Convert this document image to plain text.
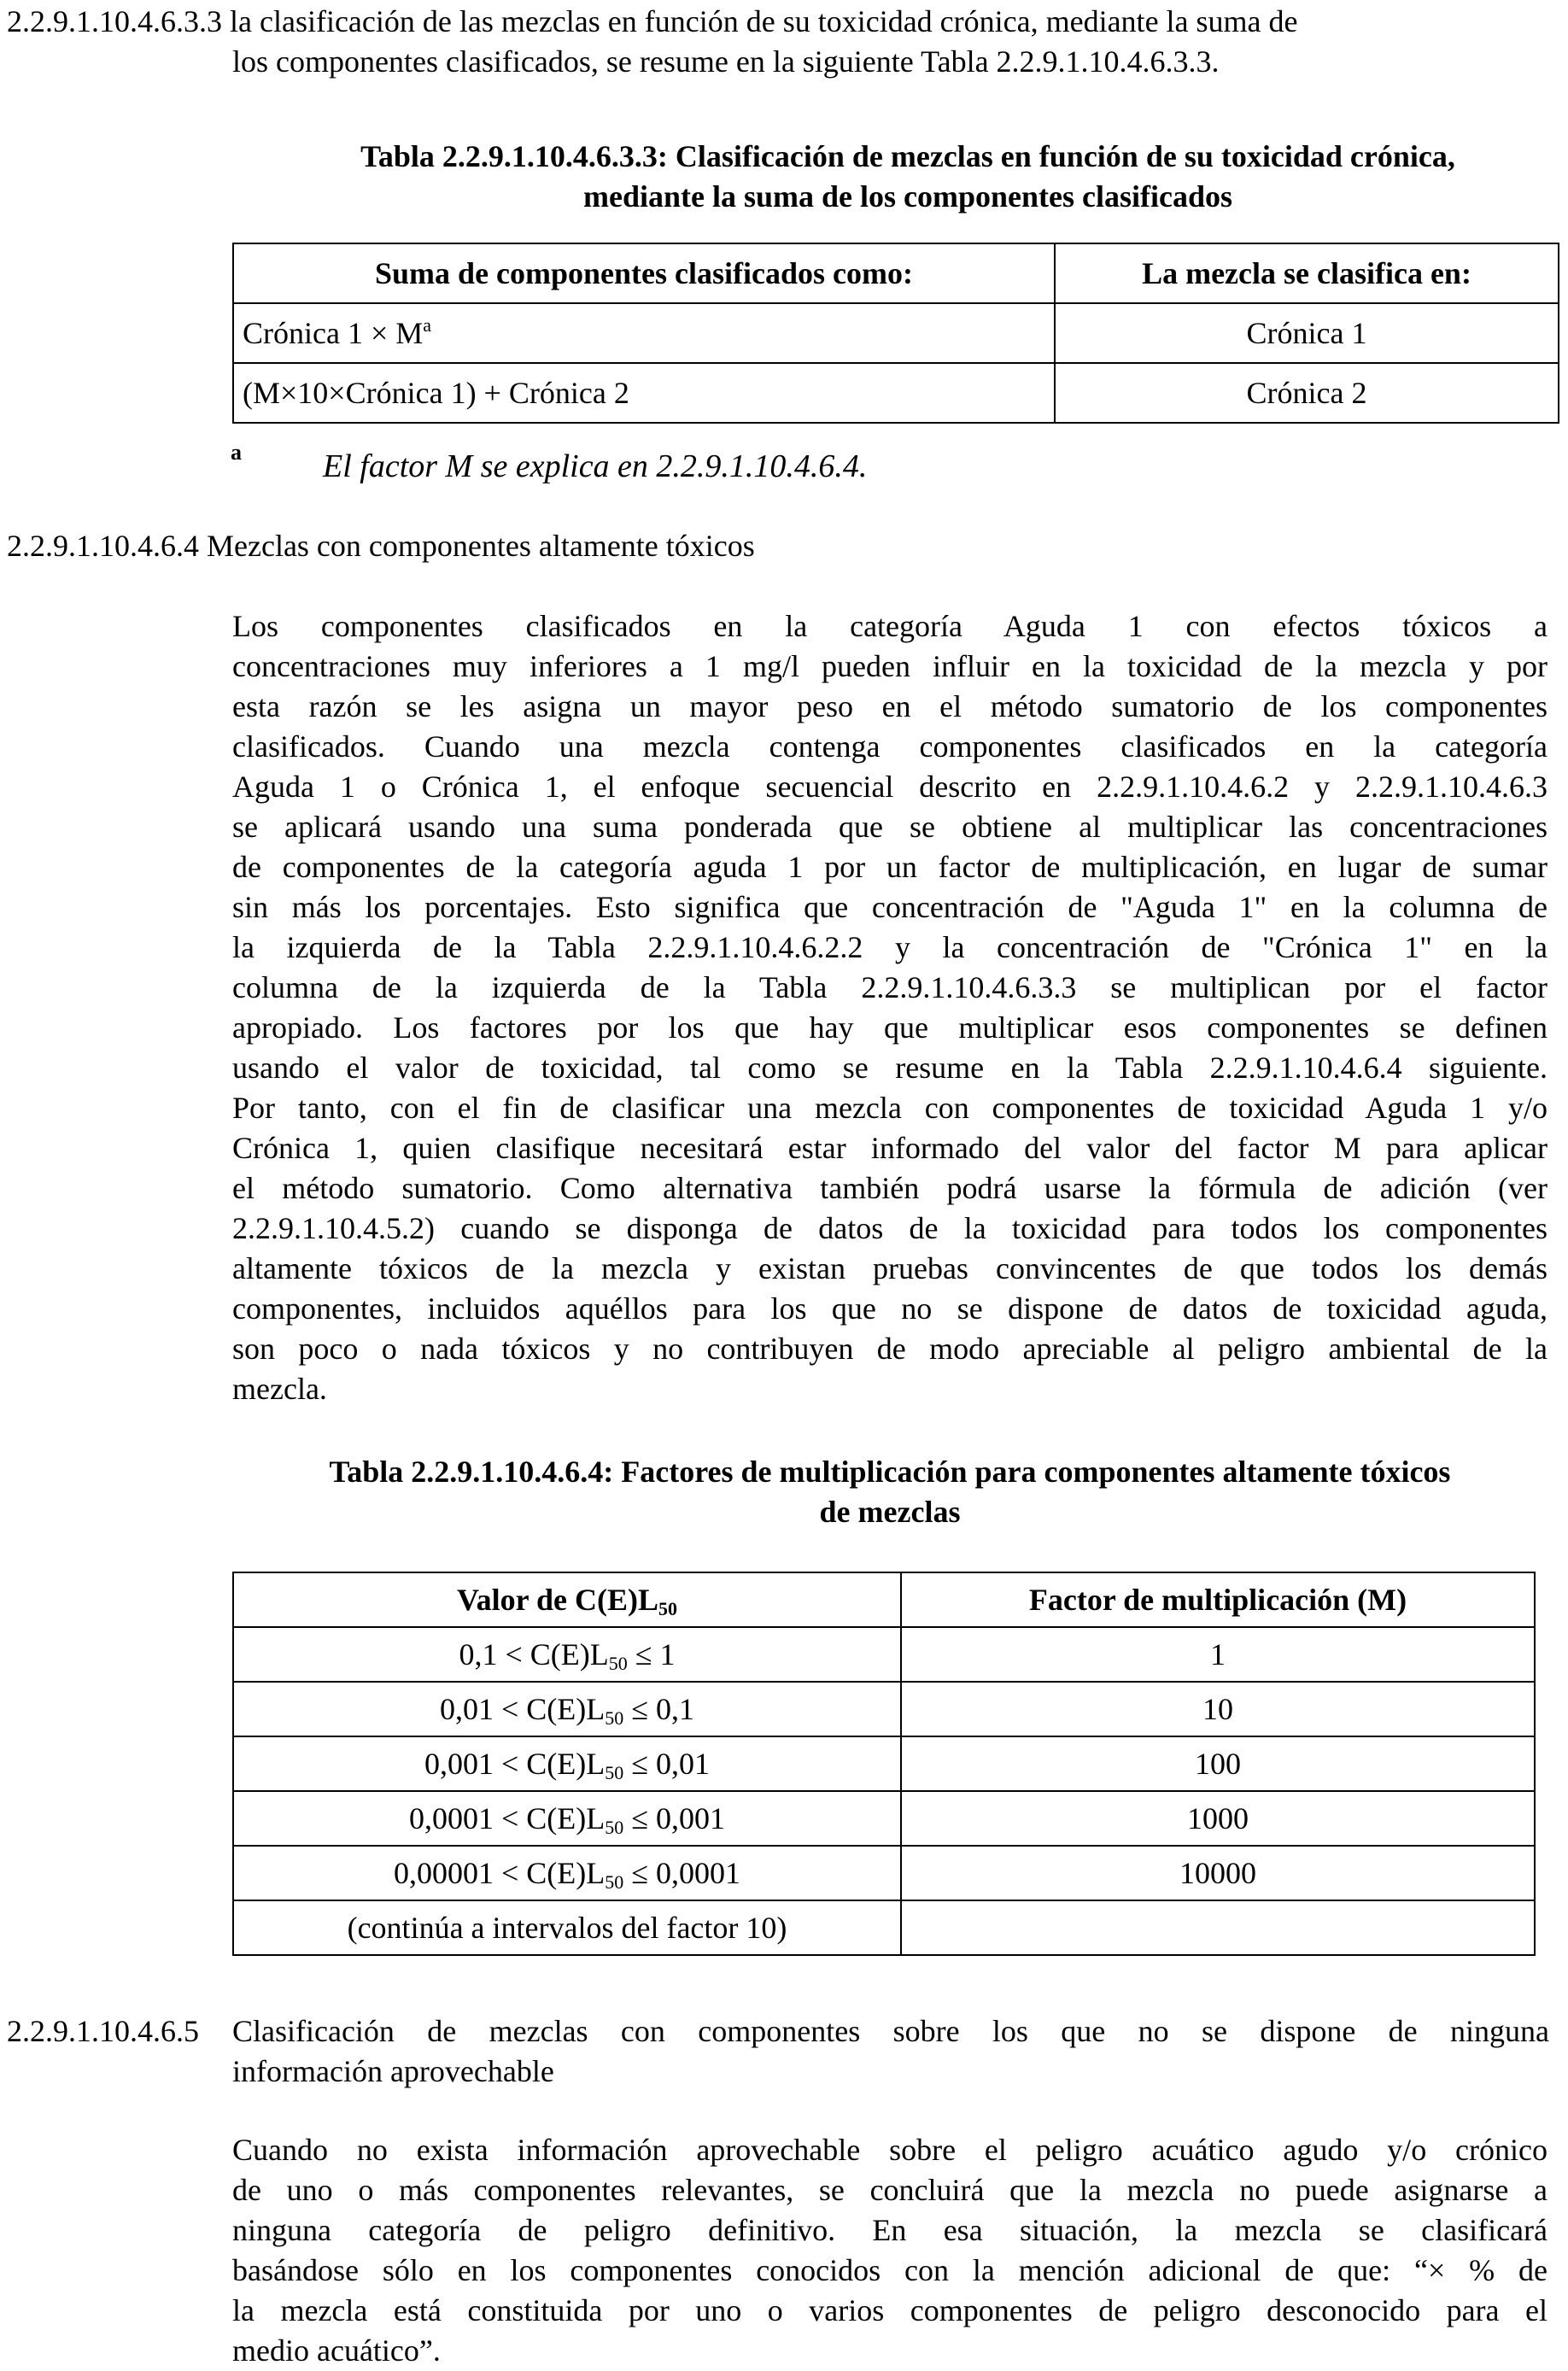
2.2.9.1.10.4.6.3.3 la clasificación de las mezclas en función de su toxicidad crónica, mediante la suma de
los componentes clasificados, se resume en la siguiente Tabla 2.2.9.1.10.4.6.3.3.
Tabla 2.2.9.1.10.4.6.3.3: Clasificación de mezclas en función de su toxicidad crónica,
mediante la suma de los componentes clasificados
Suma de componentes clasificados como:	La mezcla se clasifica en:
Crónica $1 \times M^a$	Crónica 1
(M×10×Crónica 1) + Crónica 2	Crónica 2
a	El factor M se explica en 2.2.9.1.10.4.6.4.
2.2.9.1.10.4.6.4 Mezclas con componentes altamente tóxicos
Los componentes clasificados en la categoría Aguda 1 con efectos tóxicos a
concentraciones muy inferiores a 1 mg/l pueden influir en la toxicidad de la mezcla y por
esta razón se les asigna un mayor peso en el método sumatorio de los componentes
clasificados. Cuando una mezcla contenga componentes clasificados en la categoría
Aguda 1 o Crónica 1, el enfoque secuencial descrito en 2.2.9.1.10.4.6.2 y 2.2.9.1.10.4.6.3
se aplicará usando una suma ponderada que se obtiene al multiplicar las concentraciones
de componentes de la categoría aguda 1 por un factor de multiplicación, en lugar de sumar
sin más los porcentajes. Esto significa que concentración de "Aguda 1" en la columna de
la izquierda de la Tabla 2.2.9.1.10.4.6.2.2 y la concentración de "Crónica 1" en la
columna de la izquierda de la Tabla 2.2.9.1.10.4.6.3.3 se multiplican por el factor
apropiado. Los factores por los que hay que multiplicar esos componentes se definen
usando el valor de toxicidad, tal como se resume en la Tabla 2.2.9.1.10.4.6.4 siguiente.
Por tanto, con el fin de clasificar una mezcla con componentes de toxicidad Aguda 1 y/o
Crónica 1, quien clasifique necesitará estar informado del valor del factor M para aplicar
el método sumatorio. Como alternativa también podrá usarse la fórmula de adición (ver
2.2.9.1.10.4.5.2) cuando se disponga de datos de la toxicidad para todos los componentes
altamente tóxicos de la mezcla y existan pruebas convincentes de que todos los demás
componentes, incluidos aquéllos para los que no se dispone de datos de toxicidad aguda,
son poco o nada tóxicos y no contribuyen de modo apreciable al peligro ambiental de la
mezcla.
Tabla 2.2.9.1.10.4.6.4: Factores de multiplicación para componentes altamente tóxicos
de mezclas
Valor de $C(E)L_{50}$	Factor de multiplicación (M)
$0,1 < C(E)L_{50} \le 1$	1
$0,01 < C(E)L_{50} \le 0,1$	10
$0,001 < C(E)L_{50} \le 0,01$	100
$0,0001 < C(E)L_{50} \le 0,001$	1000
$0,00001 < C(E)L_{50} \le 0,0001$	10000
(continúa a intervalos del factor 10)	
2.2.9.1.10.4.6.5	Clasificación de mezclas con componentes sobre los que no se dispone de ninguna
información aprovechable
Cuando no exista información aprovechable sobre el peligro acuático agudo y/o crónico
de uno o más componentes relevantes, se concluirá que la mezcla no puede asignarse a
ninguna categoría de peligro definitivo. En esa situación, la mezcla se clasificará
basándose sólo en los componentes conocidos con la mención adicional de que: “× % de
la mezcla está constituida por uno o varios componentes de peligro desconocido para el
medio acuático”.
